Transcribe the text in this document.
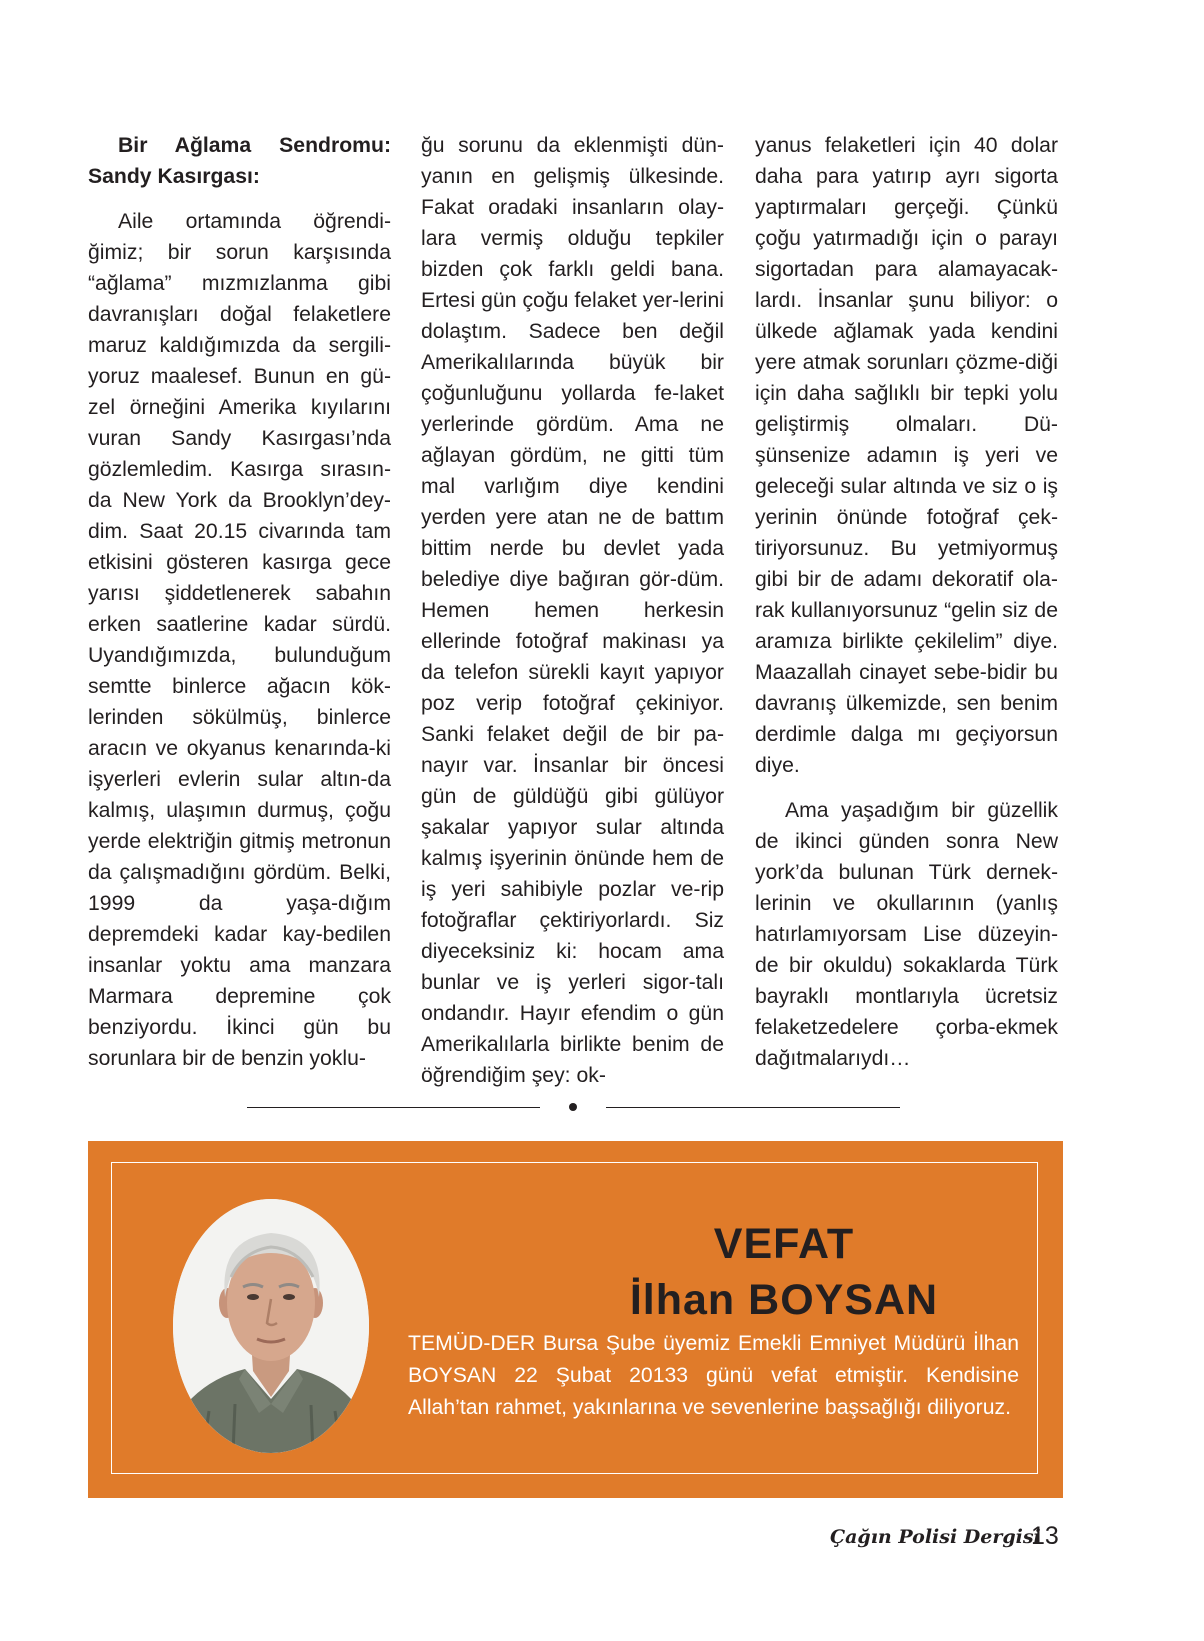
Bir Ağlama Sendromu: Sandy Kasırgası:

Aile ortamında öğrendi-ğimiz; bir sorun karşısında “ağlama” mızmızlanma gibi davranışları doğal felaketlere maruz kaldığımızda da sergili-yoruz maalesef. Bunun en gü-zel örneğini Amerika kıyılarını vuran Sandy Kasırgası’nda gözlemledim. Kasırga sırasın-da New York da Brooklyn’dey-dim. Saat 20.15 civarında tam etkisini gösteren kasırga gece yarısı şiddetlenerek sabahın erken saatlerine kadar sürdü. Uyandığımızda, bulunduğum semtte binlerce ağacın kök-lerinden sökülmüş, binlerce aracın ve okyanus kenarında-ki işyerleri evlerin sular altın-da kalmış, ulaşımın durmuş, çoğu yerde elektriğin gitmiş metronun da çalışmadığını gördüm. Belki, 1999 da yaşa-dığım depremdeki kadar kay-bedilen insanlar yoktu ama manzara Marmara depremine çok benziyordu. İkinci gün bu sorunlara bir de benzin yoklu-

ğu sorunu da eklenmişti dün-yanın en gelişmiş ülkesinde. Fakat oradaki insanların olay-lara vermiş olduğu tepkiler bizden çok farklı geldi bana. Ertesi gün çoğu felaket yer-lerini dolaştım. Sadece ben değil Amerikalılarında büyük bir çoğunluğunu yollarda fe-laket yerlerinde gördüm. Ama ne ağlayan gördüm, ne gitti tüm mal varlığım diye kendini yerden yere atan ne de battım bittim nerde bu devlet yada belediye diye bağıran gör-düm. Hemen hemen herkesin ellerinde fotoğraf makinası ya da telefon sürekli kayıt yapıyor poz verip fotoğraf çekiniyor. Sanki felaket değil de bir pa-nayır var. İnsanlar bir öncesi gün de güldüğü gibi gülüyor şakalar yapıyor sular altında kalmış işyerinin önünde hem de iş yeri sahibiyle pozlar ve-rip fotoğraflar çektiriyorlardı. Siz diyeceksiniz ki: hocam ama bunlar ve iş yerleri sigor-talı ondandır. Hayır efendim o gün Amerikalılarla birlikte benim de öğrendiğim şey: ok-

yanus felaketleri için 40 dolar daha para yatırıp ayrı sigorta yaptırmaları gerçeği. Çünkü çoğu yatırmadığı için o parayı sigortadan para alamayacak-lardı. İnsanlar şunu biliyor: o ülkede ağlamak yada kendini yere atmak sorunları çözme-diği için daha sağlıklı bir tepki yolu geliştirmiş olmaları. Dü-şünsenize adamın iş yeri ve geleceği sular altında ve siz o iş yerinin önünde fotoğraf çek-tiriyorsunuz. Bu yetmiyormuş gibi bir de adamı dekoratif ola-rak kullanıyorsunuz “gelin siz de aramıza birlikte çekilelim” diye. Maazallah cinayet sebe-bidir bu davranış ülkemizde, sen benim derdimle dalga mı geçiyorsun diye.

Ama yaşadığım bir güzellik de ikinci günden sonra New york’da bulunan Türk dernek-lerinin ve okullarının (yanlış hatırlamıyorsam Lise düzeyin-de bir okuldu) sokaklarda Türk bayraklı montlarıyla ücretsiz felaketzedelere çorba-ekmek dağıtmalarıydı…

VEFAT
İlhan BOYSAN
TEMÜD-DER Bursa Şube üyemiz Emekli Emniyet Müdürü İlhan BOYSAN 22 Şubat 20133 günü vefat etmiştir. Kendisine Allah’tan rahmet, yakınlarına ve sevenlerine başsağlığı diliyoruz.
Çağın Polisi Dergisi
13
